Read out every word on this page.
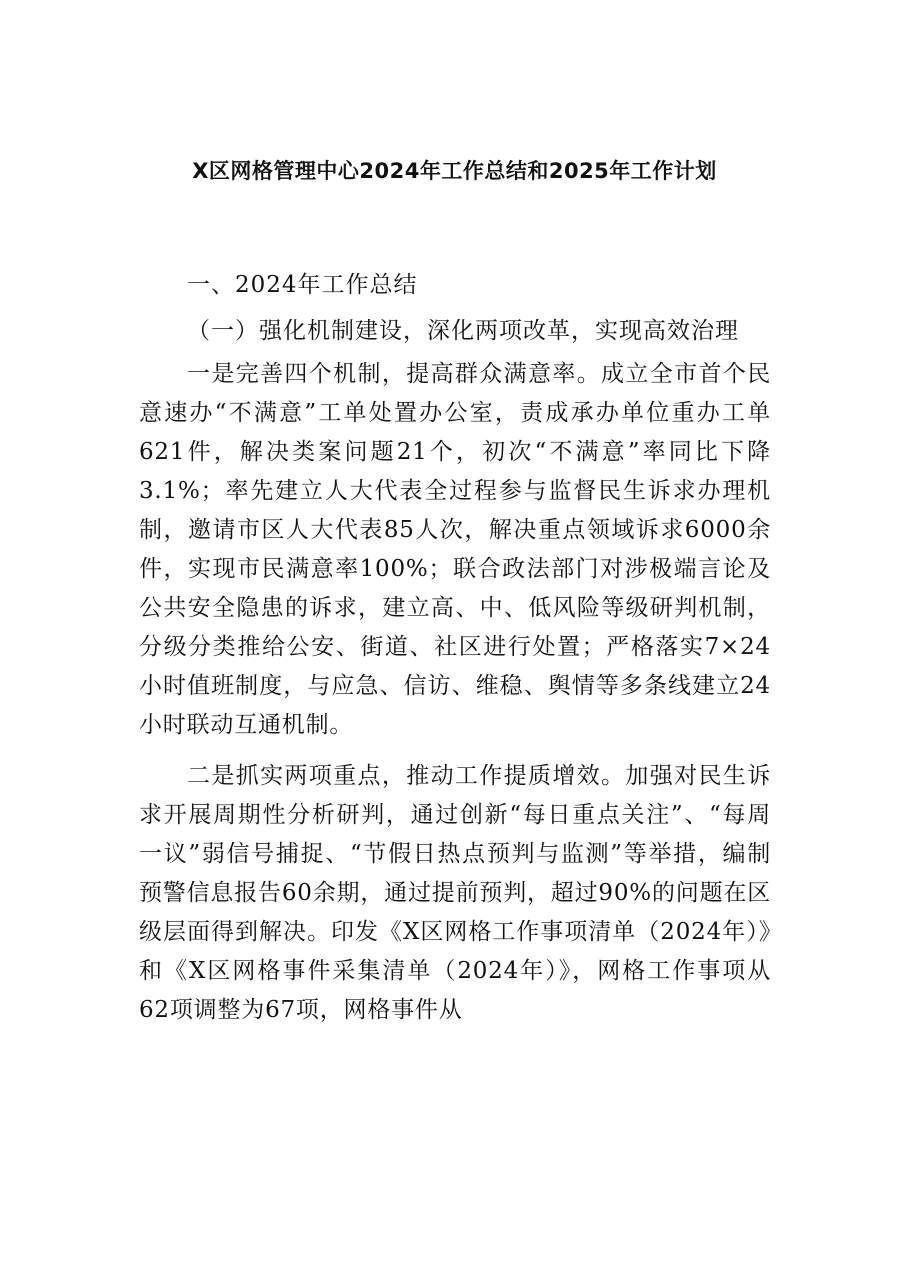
X区网格管理中心2024年工作总结和2025年工作计划

一、2024年工作总结

（一）强化机制建设，深化两项改革，实现高效治理

一是完善四个机制，提高群众满意率。成立全市首个民意速办“不满意”工单处置办公室，责成承办单位重办工单621件，解决类案问题21个，初次“不满意”率同比下降3.1%；率先建立人大代表全过程参与监督民生诉求办理机制，邀请市区人大代表85人次，解决重点领域诉求6000余件，实现市民满意率100%；联合政法部门对涉极端言论及公共安全隐患的诉求，建立高、中、低风险等级研判机制，分级分类推给公安、街道、社区进行处置；严格落实7×24小时值班制度，与应急、信访、维稳、舆情等多条线建立24小时联动互通机制。

二是抓实两项重点，推动工作提质增效。加强对民生诉求开展周期性分析研判，通过创新“每日重点关注”、“每周一议”弱信号捕捉、“节假日热点预判与监测”等举措，编制预警信息报告60余期，通过提前预判，超过90%的问题在区级层面得到解决。印发《X区网格工作事项清单（2024年）》和《X区网格事件采集清单（2024年）》，网格工作事项从62项调整为67项，网格事件从
